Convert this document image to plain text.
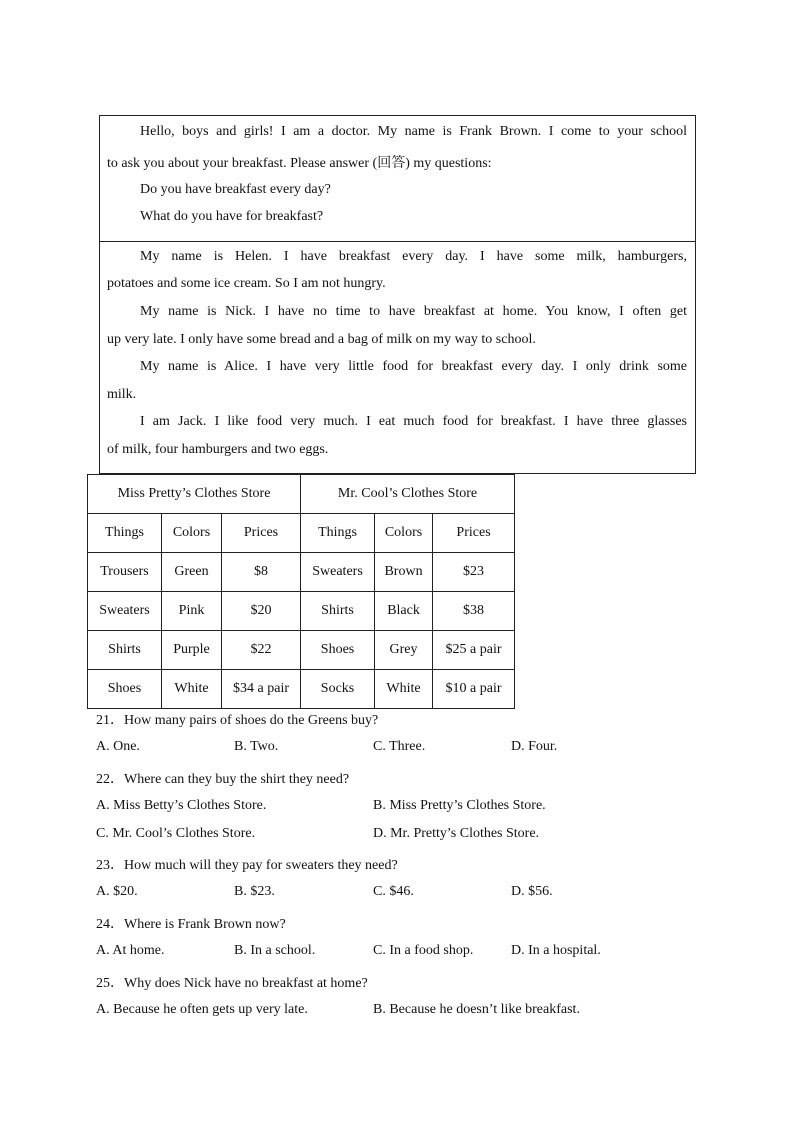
Hello, boys and girls! I am a doctor. My name is Frank Brown. I come to your school
to ask you about your breakfast. Please answer (回答) my questions:
Do you have breakfast every day?
What do you have for breakfast?
My name is Helen. I have breakfast every day. I have some milk, hamburgers,
potatoes and some ice cream. So I am not hungry.
My name is Nick. I have no time to have breakfast at home. You know, I often get
up very late. I only have some bread and a bag of milk on my way to school.
My name is Alice. I have very little food for breakfast every day. I only drink some
milk.
I am Jack. I like food very much. I eat much food for breakfast. I have three glasses
of milk, four hamburgers and two eggs.
Miss Pretty’s Clothes Store			Mr. Cool’s Clothes Store		
Things	Colors	Prices	Things	Colors	Prices
Trousers	Green	$8	Sweaters	Brown	$23
Sweaters	Pink	$20	Shirts	Black	$38
Shirts	Purple	$22	Shoes	Grey	$25 a pair
Shoes	White	$34 a pair	Socks	White	$10 a pair
21．How many pairs of shoes do the Greens buy?
A. One.	B. Two.	C. Three.	D. Four.
22．Where can they buy the shirt they need?
A. Miss Betty’s Clothes Store.	B. Miss Pretty’s Clothes Store.
C. Mr. Cool’s Clothes Store.	D. Mr. Pretty’s Clothes Store.
23．How much will they pay for sweaters they need?
A. $20.	B. $23.	C. $46.	D. $56.
24．Where is Frank Brown now?
A. At home.	B. In a school.	C. In a food shop.	D. In a hospital.
25．Why does Nick have no breakfast at home?
A. Because he often gets up very late.	B. Because he doesn’t like breakfast.
